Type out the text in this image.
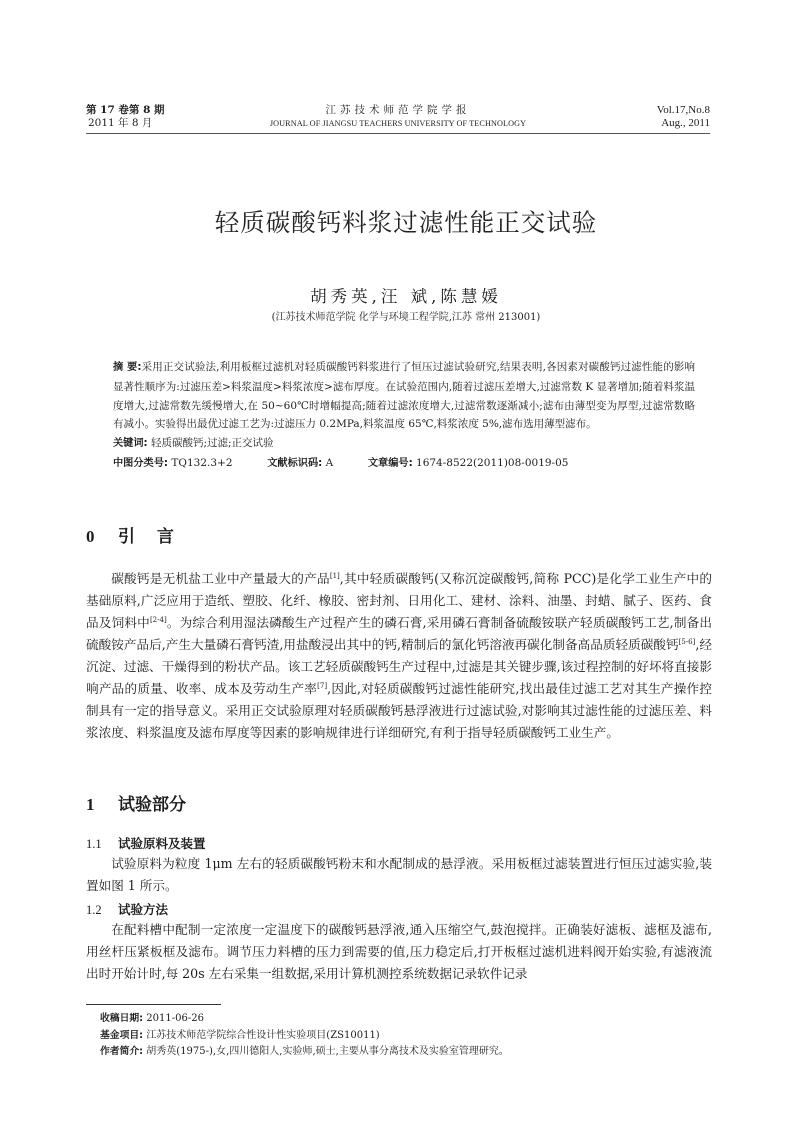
第 17 卷第 8 期
2011 年 8 月
江苏技术师范学院学报
JOURNAL OF JIANGSU TEACHERS UNIVERSITY OF TECHNOLOGY
Vol.17,No.8
Aug., 2011
轻质碳酸钙料浆过滤性能正交试验
胡秀英,汪 斌,陈慧媛
(江苏技术师范学院 化学与环境工程学院,江苏 常州 213001)
摘 要:采用正交试验法,利用板框过滤机对轻质碳酸钙料浆进行了恒压过滤试验研究,结果表明,各因素对碳酸钙过滤性能的影响显著性顺序为:过滤压差>料浆温度>料浆浓度>滤布厚度。在试验范围内,随着过滤压差增大,过滤常数 K 显著增加;随着料浆温度增大,过滤常数先缓慢增大,在 50~60℃时增幅提高;随着过滤浓度增大,过滤常数逐渐减小;滤布由薄型变为厚型,过滤常数略有减小。实验得出最优过滤工艺为:过滤压力 0.2MPa,料浆温度 65℃,料浆浓度 5%,滤布选用薄型滤布。
关键词: 轻质碳酸钙;过滤;正交试验
中图分类号: TQ132.3+2	文献标识码: A	文章编号: 1674-8522(2011)08-0019-05
0 引 言

碳酸钙是无机盐工业中产量最大的产品[1],其中轻质碳酸钙(又称沉淀碳酸钙,简称 PCC)是化学工业生产中的基础原料,广泛应用于造纸、塑胶、化纤、橡胶、密封剂、日用化工、建材、涂料、油墨、封蜡、腻子、医药、食品及饲料中[2-4]。为综合利用湿法磷酸生产过程产生的磷石膏,采用磷石膏制备硫酸铵联产轻质碳酸钙工艺,制备出硫酸铵产品后,产生大量磷石膏钙渣,用盐酸浸出其中的钙,精制后的氯化钙溶液再碳化制备高品质轻质碳酸钙[5-6],经沉淀、过滤、干燥得到的粉状产品。该工艺轻质碳酸钙生产过程中,过滤是其关键步骤,该过程控制的好坏将直接影响产品的质量、收率、成本及劳动生产率[7],因此,对轻质碳酸钙过滤性能研究,找出最佳过滤工艺对其生产操作控制具有一定的指导意义。采用正交试验原理对轻质碳酸钙悬浮液进行过滤试验,对影响其过滤性能的过滤压差、料浆浓度、料浆温度及滤布厚度等因素的影响规律进行详细研究,有利于指导轻质碳酸钙工业生产。

1 试验部分
1.1 试验原料及装置

试验原料为粒度 1μm 左右的轻质碳酸钙粉末和水配制成的悬浮液。采用板框过滤装置进行恒压过滤实验,装置如图 1 所示。

1.2 试验方法

在配料槽中配制一定浓度一定温度下的碳酸钙悬浮液,通入压缩空气,鼓泡搅拌。正确装好滤板、滤框及滤布,用丝杆压紧板框及滤布。调节压力料槽的压力到需要的值,压力稳定后,打开板框过滤机进料阀开始实验,有滤液流出时开始计时,每 20s 左右采集一组数据,采用计算机测控系统数据记录软件记录

收稿日期: 2011-06-26
基金项目: 江苏技术师范学院综合性设计性实验项目(ZS10011)
作者简介: 胡秀英(1975-),女,四川德阳人,实验师,硕士,主要从事分离技术及实验室管理研究。
